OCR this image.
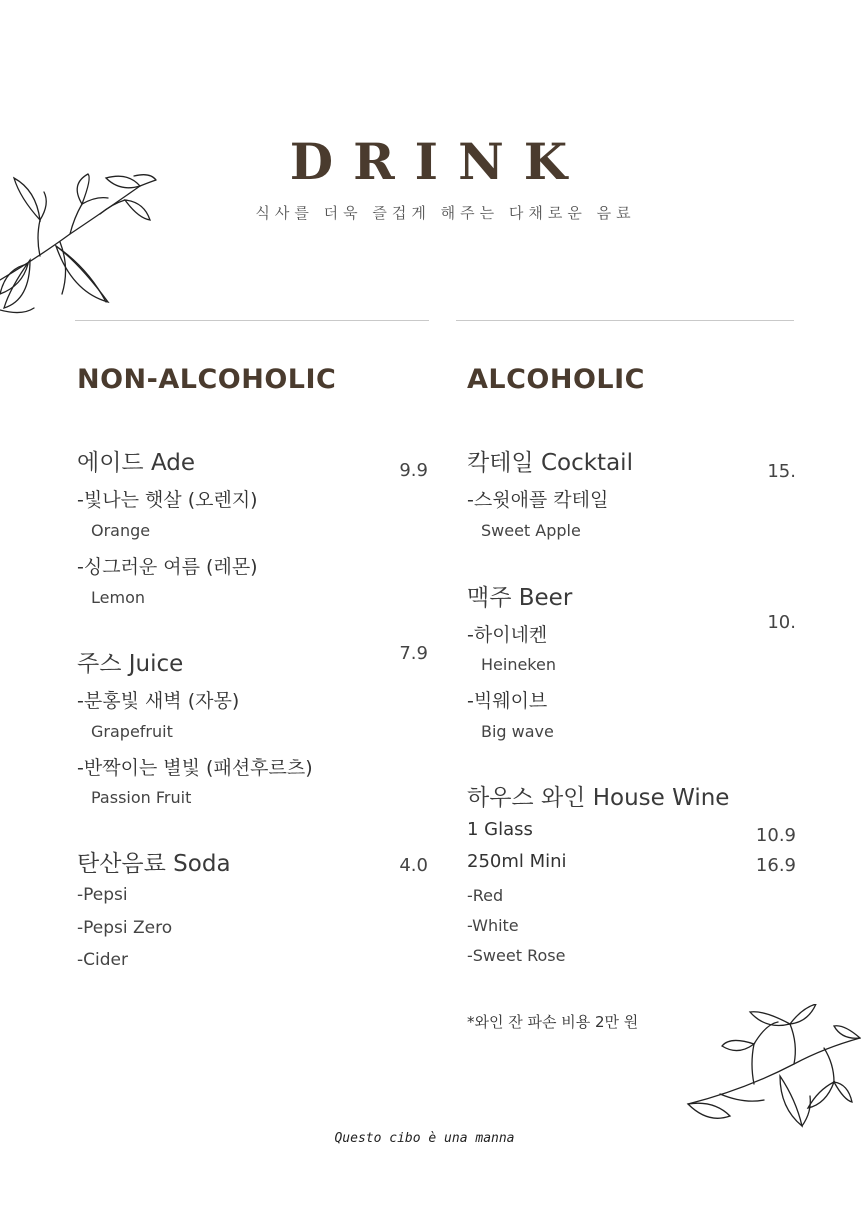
DRINK
식사를 더욱 즐겁게 해주는 다채로운 음료
NON-ALCOHOLIC
에이드 Ade	9.9
-빛나는 햇살 (오렌지)
Orange
-싱그러운 여름 (레몬)
Lemon
주스 Juice	7.9
-분홍빛 새벽 (자몽)
Grapefruit
-반짝이는 별빛 (패션후르츠)
Passion Fruit
탄산음료 Soda	4.0
-Pepsi
-Pepsi Zero
-Cider
ALCOHOLIC
칵테일 Cocktail	15.
-스윗애플 칵테일
Sweet Apple
맥주 Beer
10.
-하이네켄
Heineken
-빅웨이브
Big wave
하우스 와인 House Wine
1 Glass	10.9
250ml Mini	16.9
-Red
-White
-Sweet Rose
*와인 잔 파손 비용 2만 원
Questo cibo è una manna
